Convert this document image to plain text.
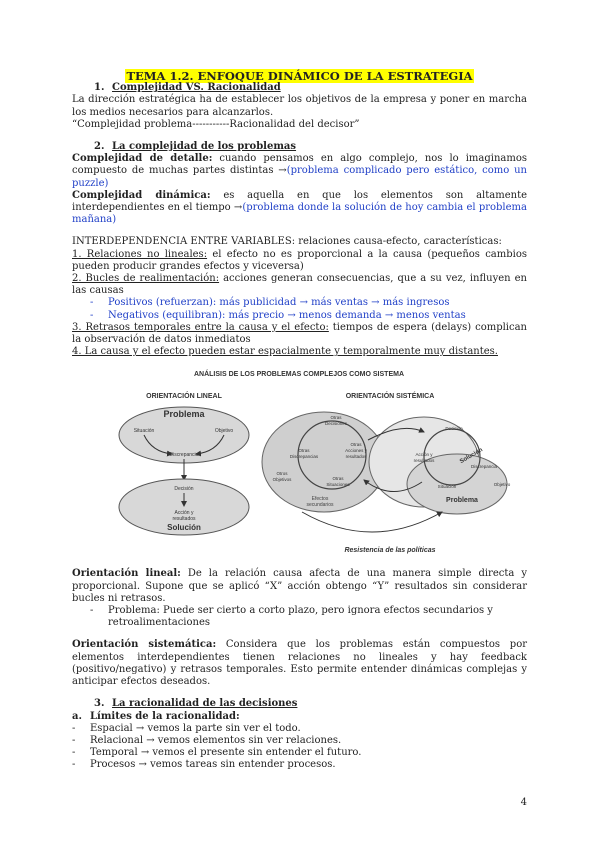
TEMA 1.2. ENFOQUE DINÁMICO DE LA ESTRATEGIA
1. Complejidad VS. Racionalidad

La dirección estratégica ha de establecer los objetivos de la empresa y poner en marcha los medios necesarios para alcanzarlos.

“Complejidad problema-----------Racionalidad del decisor”

2. La complejidad de los problemas

Complejidad de detalle: cuando pensamos en algo complejo, nos lo imaginamos compuesto de muchas partes distintas →(problema complicado pero estático, como un puzzle)

Complejidad dinámica: es aquella en que los elementos son altamente interdependientes en el tiempo →(problema donde la solución de hoy cambia el problema mañana)

INTERDEPENDENCIA ENTRE VARIABLES: relaciones causa-efecto, características:

1. Relaciones no lineales: el efecto no es proporcional a la causa (pequeños cambios pueden producir grandes efectos y viceversa)

2. Bucles de realimentación: acciones generan consecuencias, que a su vez, influyen en las causas

- Positivos (refuerzan): más publicidad → más ventas → más ingresos
- Negativos (equilibran): más precio → menos demanda → menos ventas

3. Retrasos temporales entre la causa y el efecto: tiempos de espera (delays) complican la observación de datos inmediatos

4. La causa y el efecto pueden estar espacialmente y temporalmente muy distantes.

ANÁLISIS DE LOS PROBLEMAS COMPLEJOS COMO SISTEMA
ORIENTACIÓN LINEAL
Problema
Situación	Objetivo
Discrepancia
Decisión
Acción y
resultados
Solución
ORIENTACIÓN SISTÉMICA
Otras
Decisiones
Otras
Discrepancias
Otras
Acciones y
resultados
Otros
Objetivos	Otras
Situaciones
Efectos
secundarios
Decisión
Acción y
resultados	Solución
Discrepancia
Situación	Objetivo
Problema
Resistencia de las políticas

Orientación lineal: De la relación causa afecta de una manera simple directa y proporcional. Supone que se aplicó “X” acción obtengo “Y” resultados sin considerar bucles ni retrasos.

- Problema: Puede ser cierto a corto plazo, pero ignora efectos secundarios y retroalimentaciones

Orientación sistemática: Considera que los problemas están compuestos por elementos interdependientes tienen relaciones no lineales y hay feedback (positivo/negativo) y retrasos temporales. Esto permite entender dinámicas complejas y anticipar efectos deseados.

3. La racionalidad de las decisiones
a. Límites de la racionalidad:
- Espacial → vemos la parte sin ver el todo.
- Relacional → vemos elementos sin ver relaciones.
- Temporal → vemos el presente sin entender el futuro.
- Procesos → vemos tareas sin entender procesos.
4
